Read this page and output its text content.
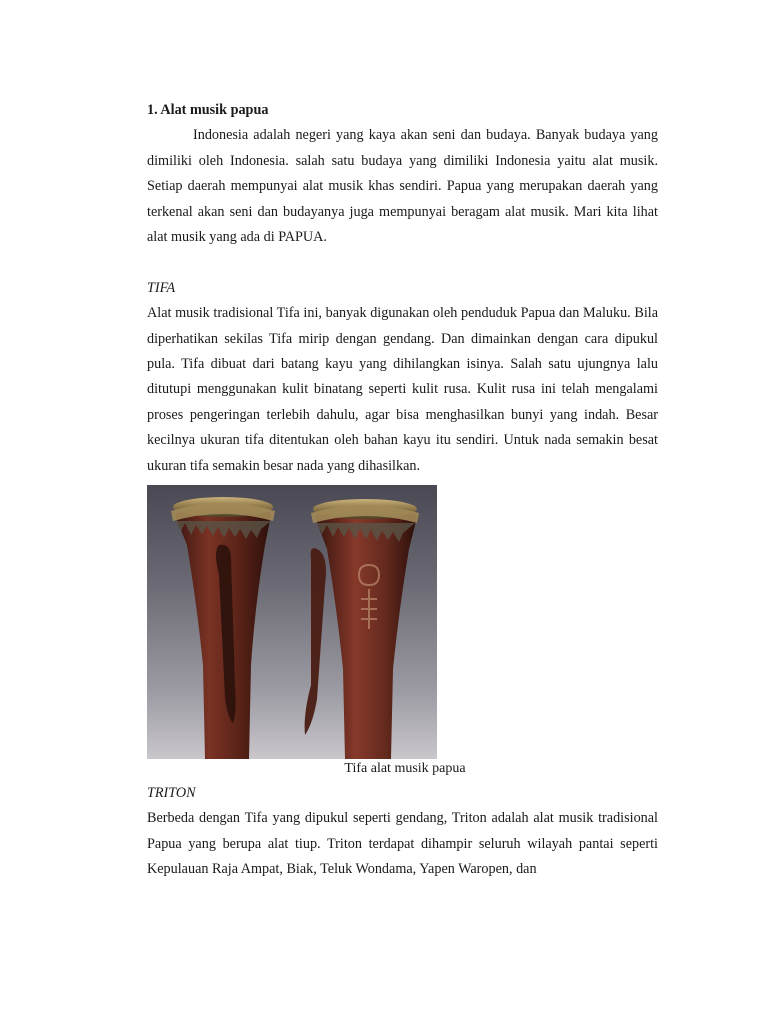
1. Alat musik papua

Indonesia adalah negeri yang kaya akan seni dan budaya. Banyak budaya yang dimiliki oleh Indonesia. salah satu budaya yang dimiliki Indonesia yaitu alat musik. Setiap daerah mempunyai alat musik khas sendiri. Papua yang merupakan daerah yang terkenal akan seni dan budayanya juga mempunyai beragam alat musik. Mari kita lihat alat musik yang ada di PAPUA.

TIFA

Alat musik tradisional Tifa ini, banyak digunakan oleh penduduk Papua dan Maluku. Bila diperhatikan sekilas Tifa mirip dengan gendang. Dan dimainkan dengan cara dipukul pula. Tifa dibuat dari batang kayu yang dihilangkan isinya. Salah satu ujungnya lalu ditutupi menggunakan kulit binatang seperti kulit rusa. Kulit rusa ini telah mengalami proses pengeringan terlebih dahulu, agar bisa menghasilkan bunyi yang indah. Besar kecilnya ukuran tifa ditentukan oleh bahan kayu itu sendiri. Untuk nada semakin besat ukuran tifa semakin besar nada yang dihasilkan.

Tifa alat musik papua
TRITON

Berbeda dengan Tifa yang dipukul seperti gendang, Triton adalah alat musik tradisional Papua yang berupa alat tiup. Triton terdapat dihampir seluruh wilayah pantai seperti Kepulauan Raja Ampat, Biak, Teluk Wondama, Yapen Waropen, dan
